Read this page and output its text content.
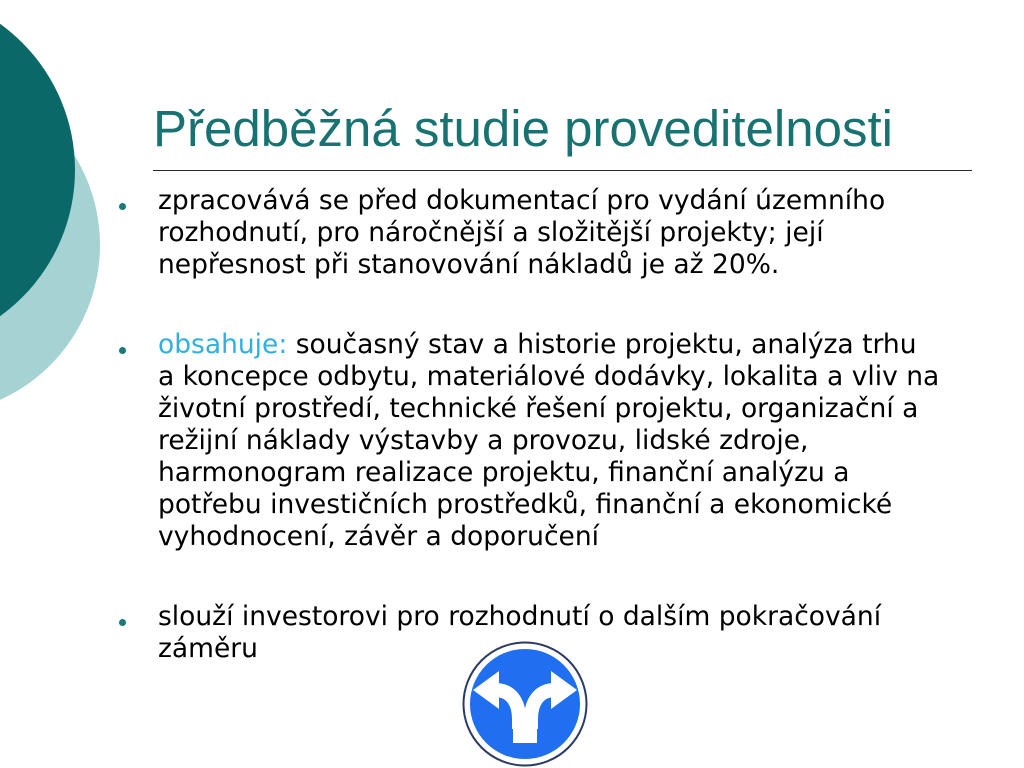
Předběžná studie proveditelnosti
zpracovává se před dokumentací pro vydání územního
rozhodnutí, pro náročnější a složitější projekty; její
nepřesnost při stanovování nákladů je až 20%.
obsahuje: současný stav a historie projektu, analýza trhu
a koncepce odbytu, materiálové dodávky, lokalita a vliv na
životní prostředí, technické řešení projektu, organizační a
režijní náklady výstavby a provozu, lidské zdroje,
harmonogram realizace projektu, finanční analýzu a
potřebu investičních prostředků, finanční a ekonomické
vyhodnocení, závěr a doporučení
slouží investorovi pro rozhodnutí o dalším pokračování
záměru
